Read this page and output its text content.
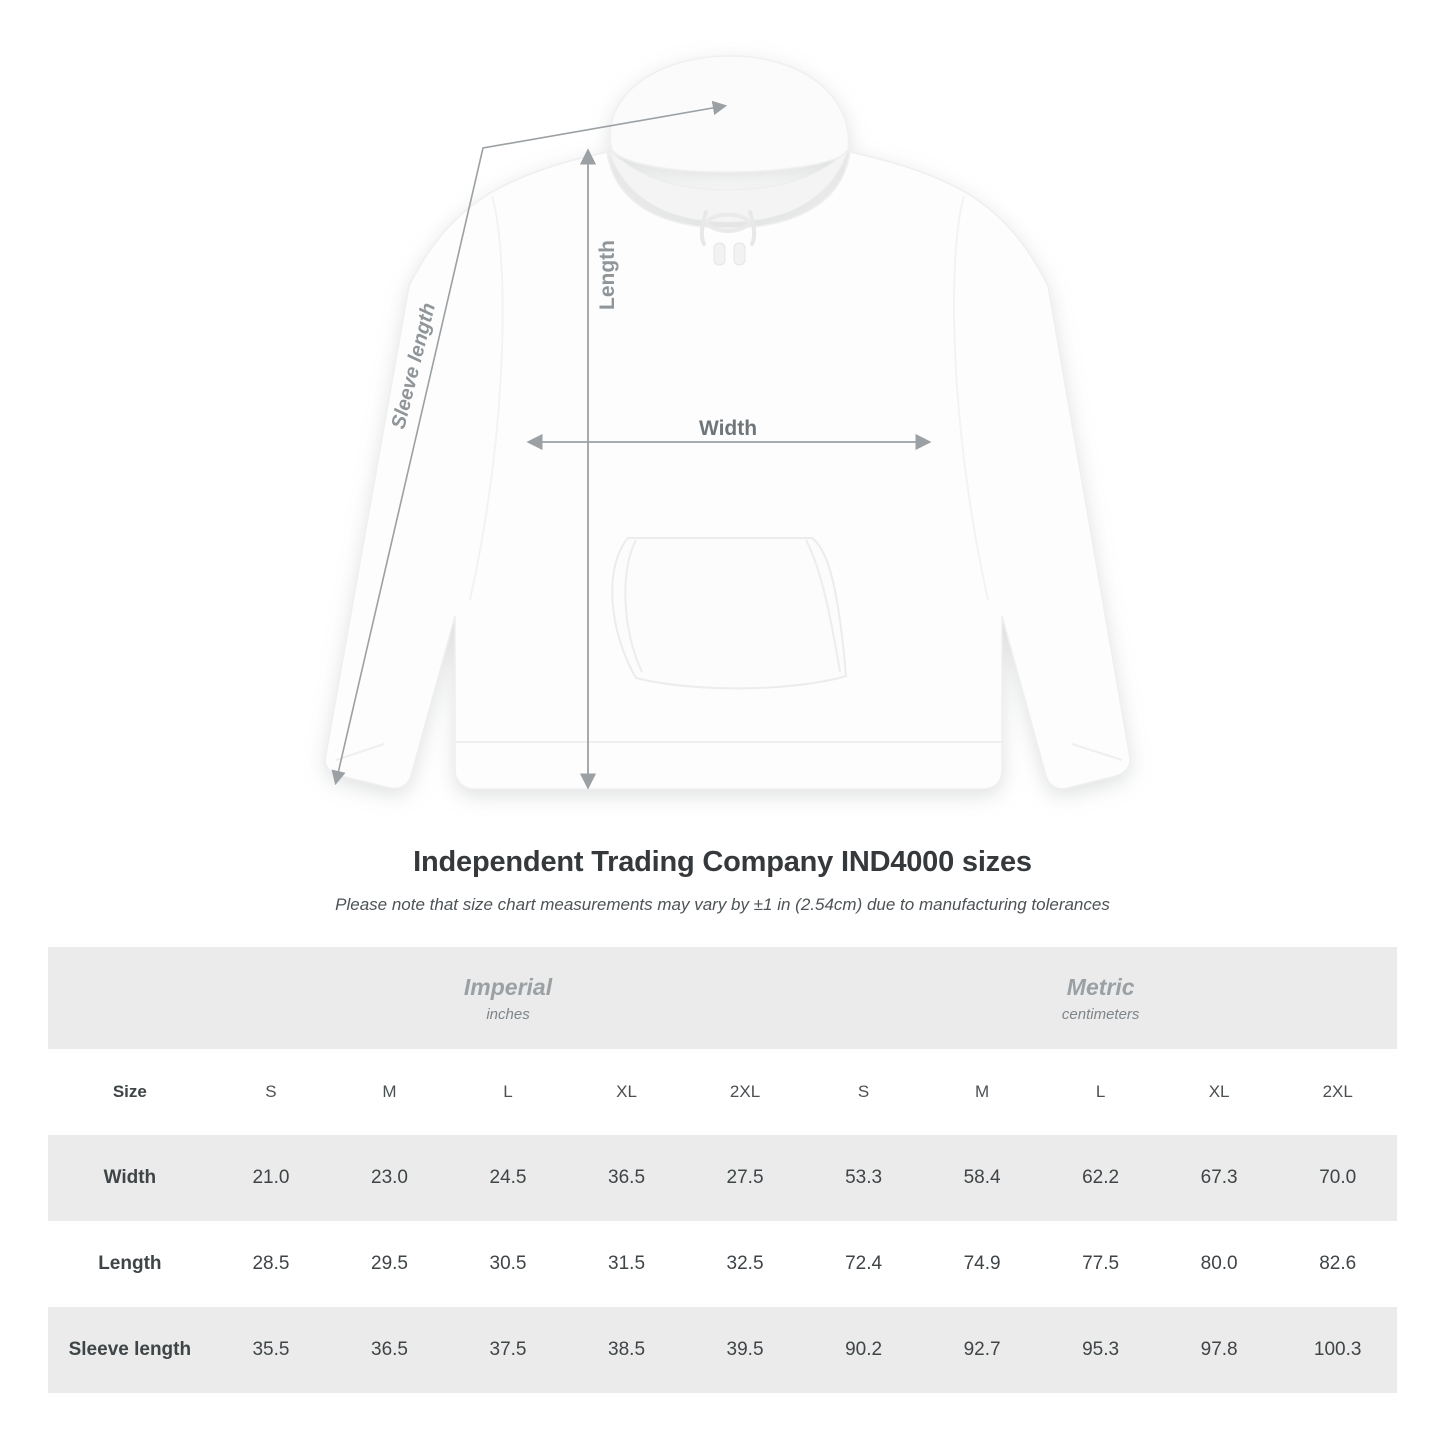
Length
Width
Sleeve length
Independent Trading Company IND4000 sizes
Please note that size chart measurements may vary by ±1 in (2.54cm) due to manufacturing tolerances

Imperial
inches

Metric
centimeters

Size	S	M	L	XL	2XL	S	M	L	XL	2XL
Width	21.0	23.0	24.5	36.5	27.5	53.3	58.4	62.2	67.3	70.0
Length	28.5	29.5	30.5	31.5	32.5	72.4	74.9	77.5	80.0	82.6
Sleeve length	35.5	36.5	37.5	38.5	39.5	90.2	92.7	95.3	97.8	100.3
